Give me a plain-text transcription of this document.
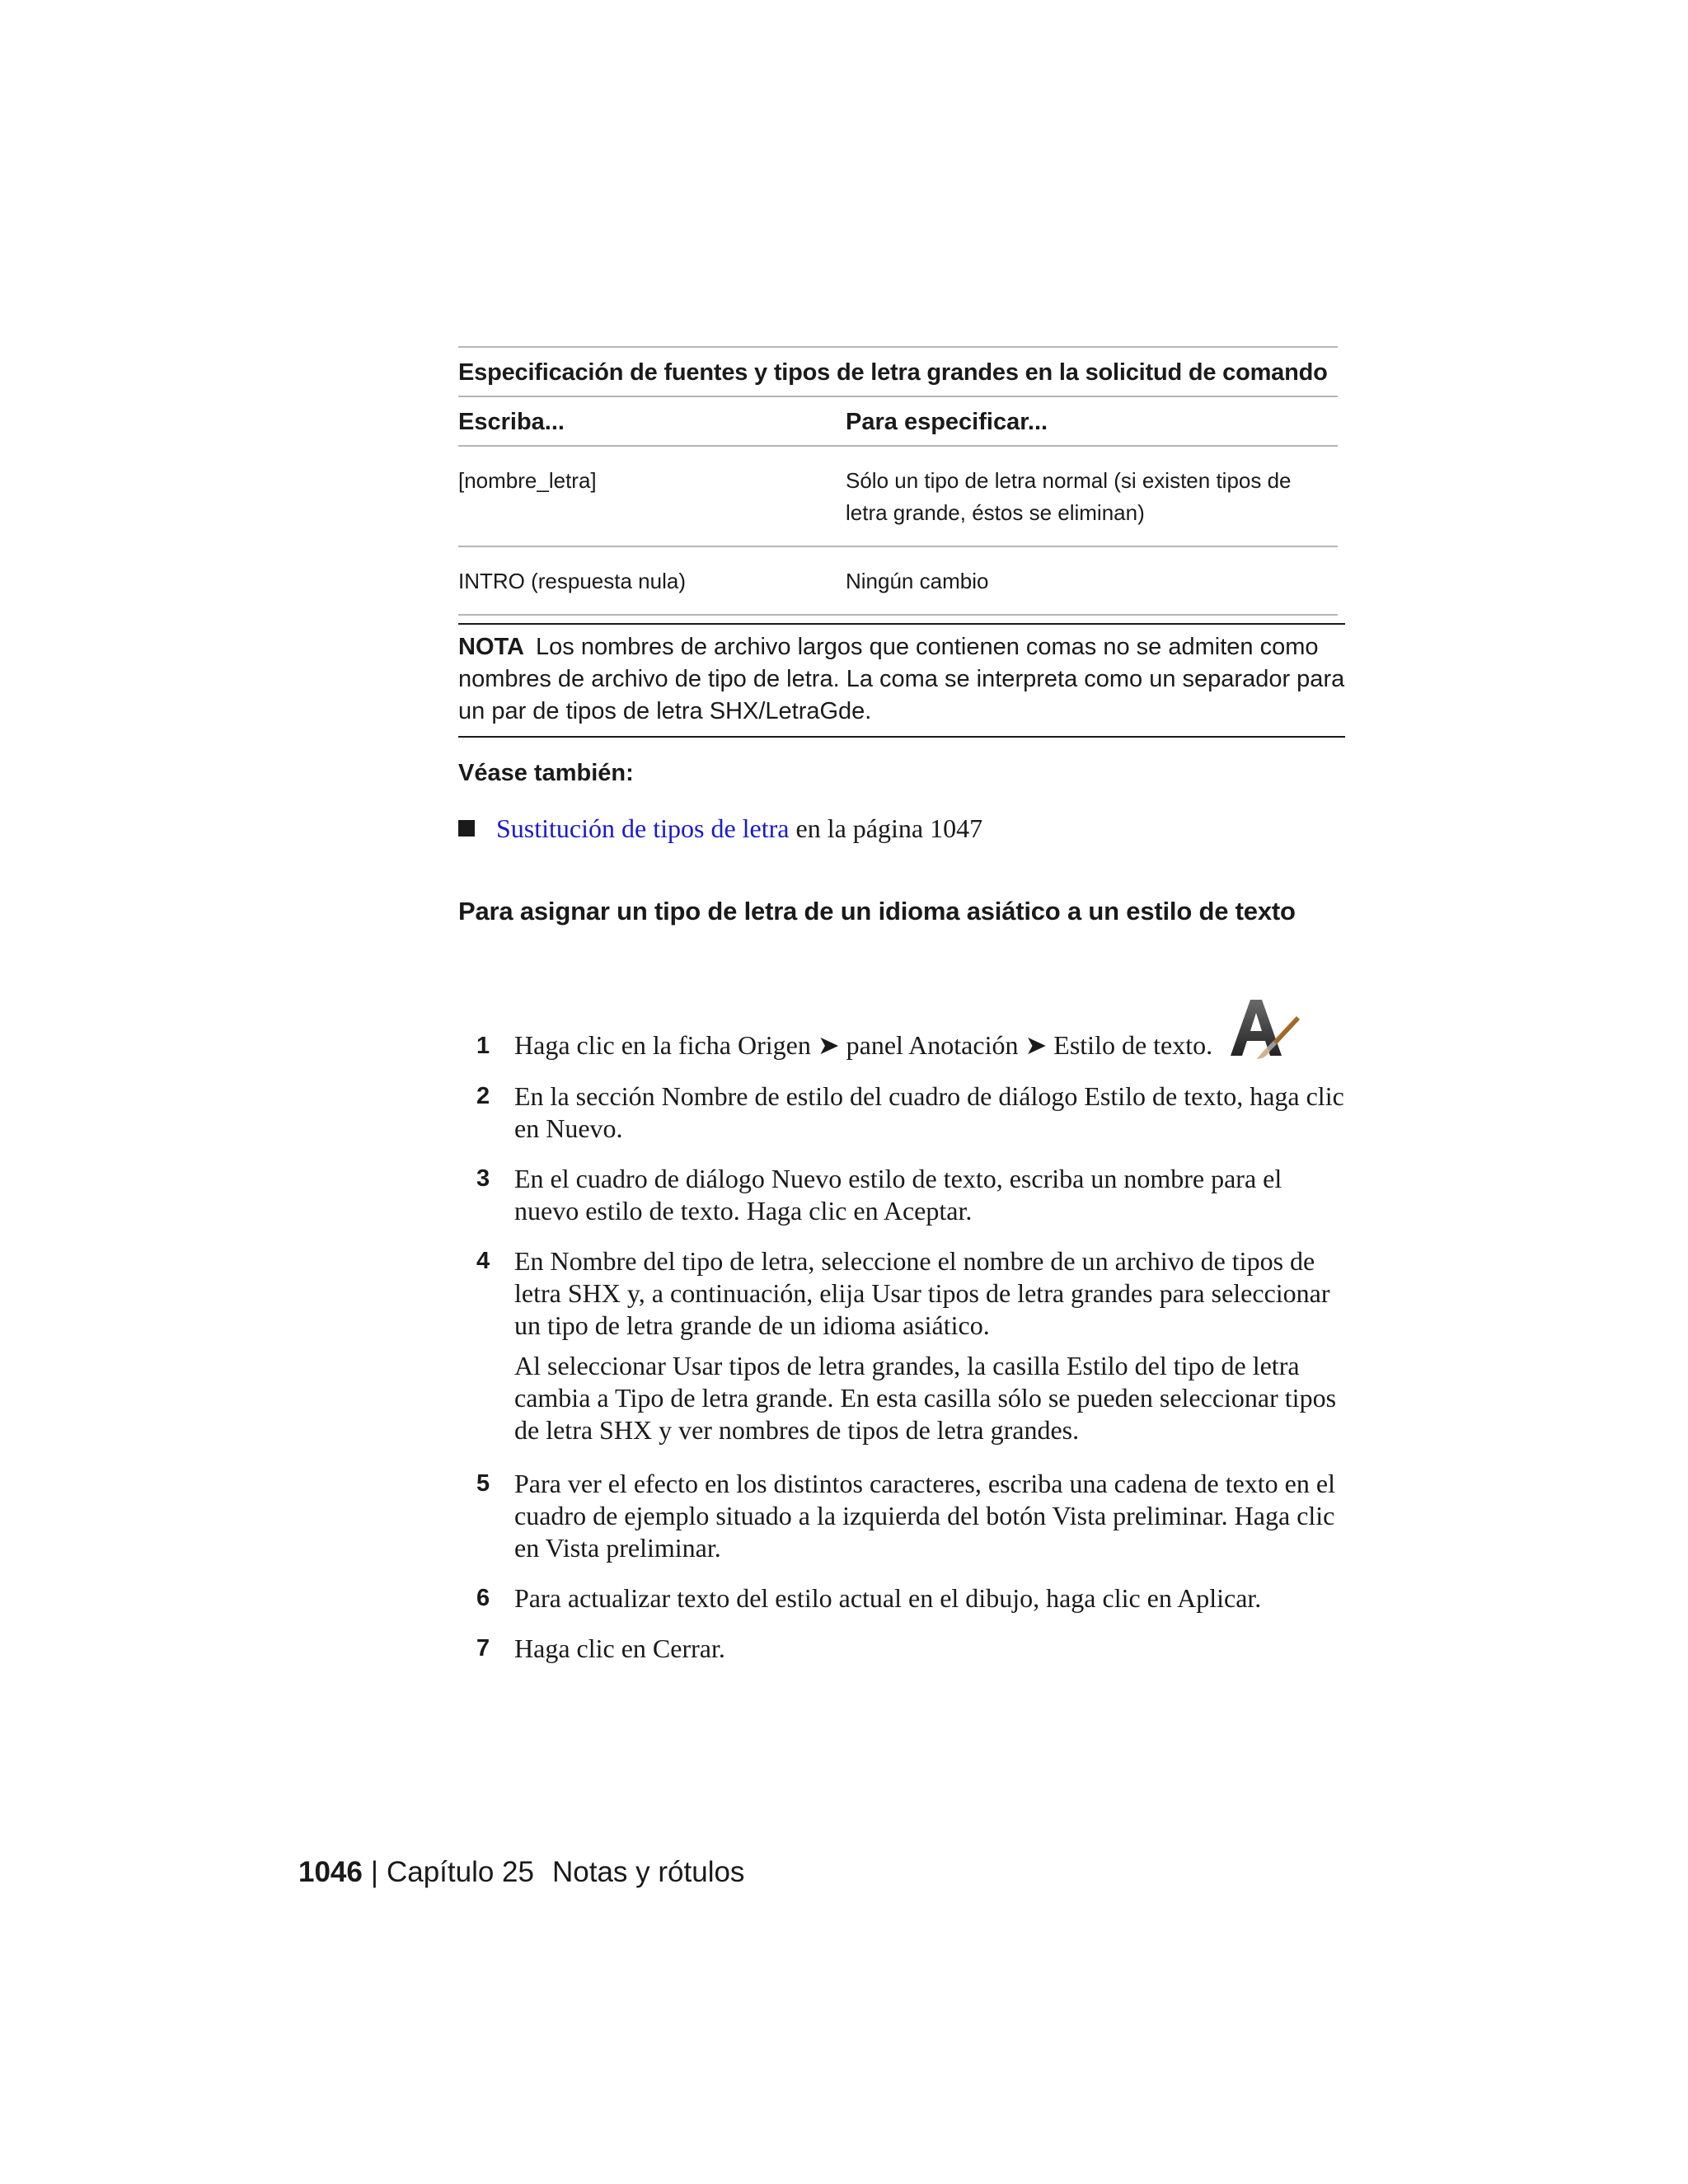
Especificación de fuentes y tipos de letra grandes en la solicitud de comando
Escriba...	Para especificar...
[nombre_letra]	Sólo un tipo de letra normal (si existen tipos de letra grande, éstos se eliminan)
INTRO (respuesta nula)	Ningún cambio
NOTA Los nombres de archivo largos que contienen comas no se admiten como nombres de archivo de tipo de letra. La coma se interpreta como un separador para un par de tipos de letra SHX/LetraGde.
Véase también:
Sustitución de tipos de letra en la página 1047
Para asignar un tipo de letra de un idioma asiático a un estilo de texto
1 Haga clic en la ficha Origen ➤ panel Anotación ➤ Estilo de texto.
2 En la sección Nombre de estilo del cuadro de diálogo Estilo de texto, haga clic en Nuevo.

3 En el cuadro de diálogo Nuevo estilo de texto, escriba un nombre para el nuevo estilo de texto. Haga clic en Aceptar.

4 En Nombre del tipo de letra, seleccione el nombre de un archivo de tipos de letra SHX y, a continuación, elija Usar tipos de letra grandes para seleccionar un tipo de letra grande de un idioma asiático.

Al seleccionar Usar tipos de letra grandes, la casilla Estilo del tipo de letra cambia a Tipo de letra grande. En esta casilla sólo se pueden seleccionar tipos de letra SHX y ver nombres de tipos de letra grandes.

5 Para ver el efecto en los distintos caracteres, escriba una cadena de texto en el cuadro de ejemplo situado a la izquierda del botón Vista preliminar. Haga clic en Vista preliminar.

6 Para actualizar texto del estilo actual en el dibujo, haga clic en Aplicar.

7 Haga clic en Cerrar.

1046 | Capítulo 25 Notas y rótulos
